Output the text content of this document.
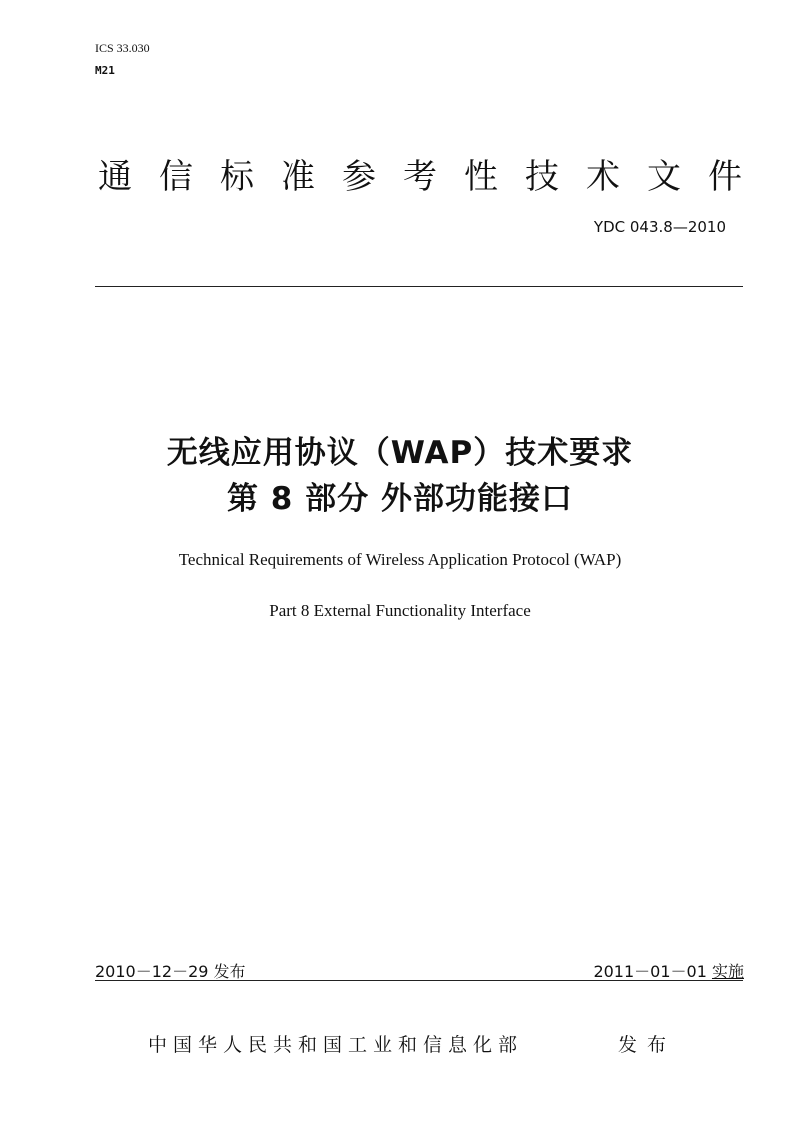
ICS 33.030
M21
通 信 标 准 参 考 性 技 术 文 件
YDC 043.8—2010
无线应用协议（WAP）技术要求
第 8 部分 外部功能接口
Technical Requirements of Wireless Application Protocol (WAP)
Part 8 External Functionality Interface
2010－12－29 发布	2011－01－01 实施
中国华人民共和国工业和信息化部	发布
